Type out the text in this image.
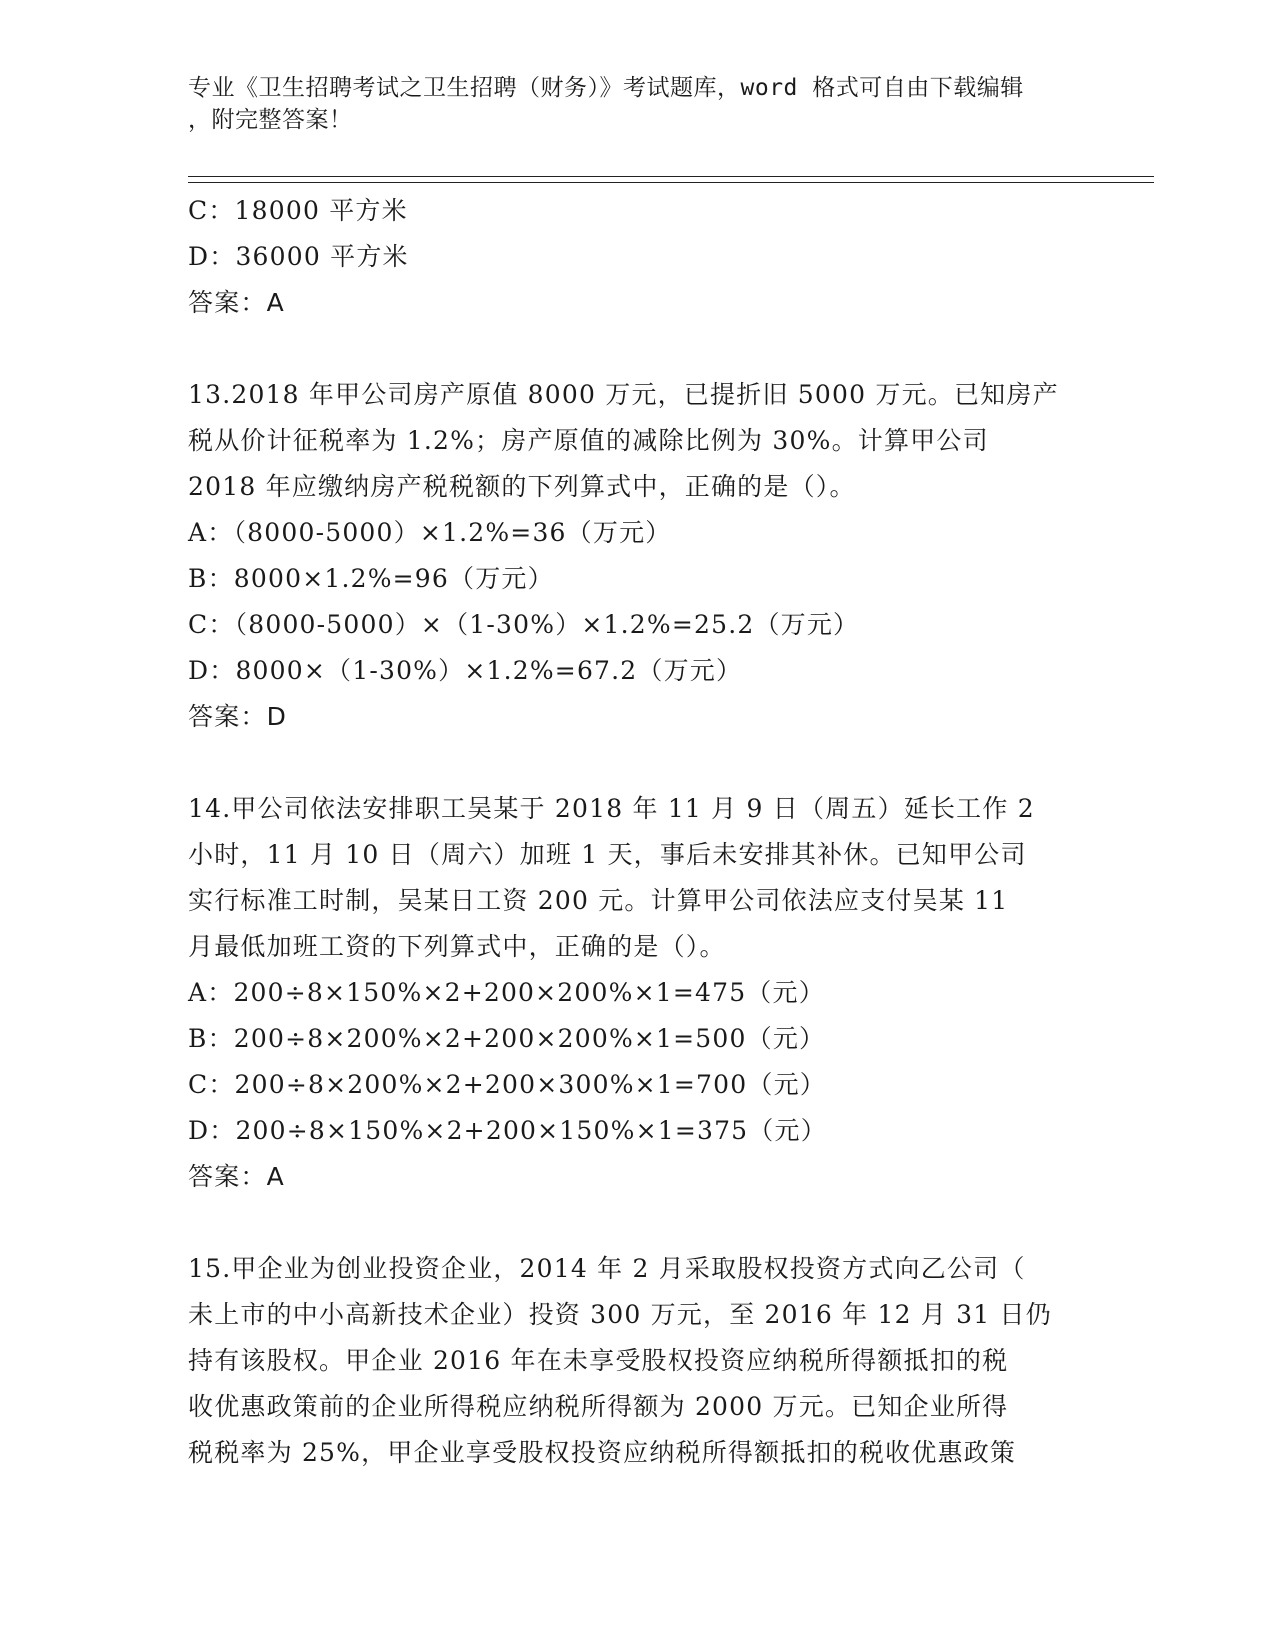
专业《卫生招聘考试之卫生招聘（财务）》考试题库，word 格式可自由下载编辑
，附完整答案！
C：18000 平方米
D：36000 平方米
答案：A
13.2018 年甲公司房产原值 8000 万元，已提折旧 5000 万元。已知房产
税从价计征税率为 1.2%；房产原值的减除比例为 30%。计算甲公司
2018 年应缴纳房产税税额的下列算式中，正确的是（）。
A：（8000-5000）×1.2%=36（万元）
B：8000×1.2%=96（万元）
C：（8000-5000）×（1-30%）×1.2%=25.2（万元）
D：8000×（1-30%）×1.2%=67.2（万元）
答案：D
14.甲公司依法安排职工吴某于 2018 年 11 月 9 日（周五）延长工作 2
小时，11 月 10 日（周六）加班 1 天，事后未安排其补休。已知甲公司
实行标准工时制，吴某日工资 200 元。计算甲公司依法应支付吴某 11
月最低加班工资的下列算式中，正确的是（）。
A：200÷8×150%×2+200×200%×1=475（元）
B：200÷8×200%×2+200×200%×1=500（元）
C：200÷8×200%×2+200×300%×1=700（元）
D：200÷8×150%×2+200×150%×1=375（元）
答案：A
15.甲企业为创业投资企业，2014 年 2 月采取股权投资方式向乙公司（
未上市的中小高新技术企业）投资 300 万元，至 2016 年 12 月 31 日仍
持有该股权。甲企业 2016 年在未享受股权投资应纳税所得额抵扣的税
收优惠政策前的企业所得税应纳税所得额为 2000 万元。已知企业所得
税税率为 25%，甲企业享受股权投资应纳税所得额抵扣的税收优惠政策
